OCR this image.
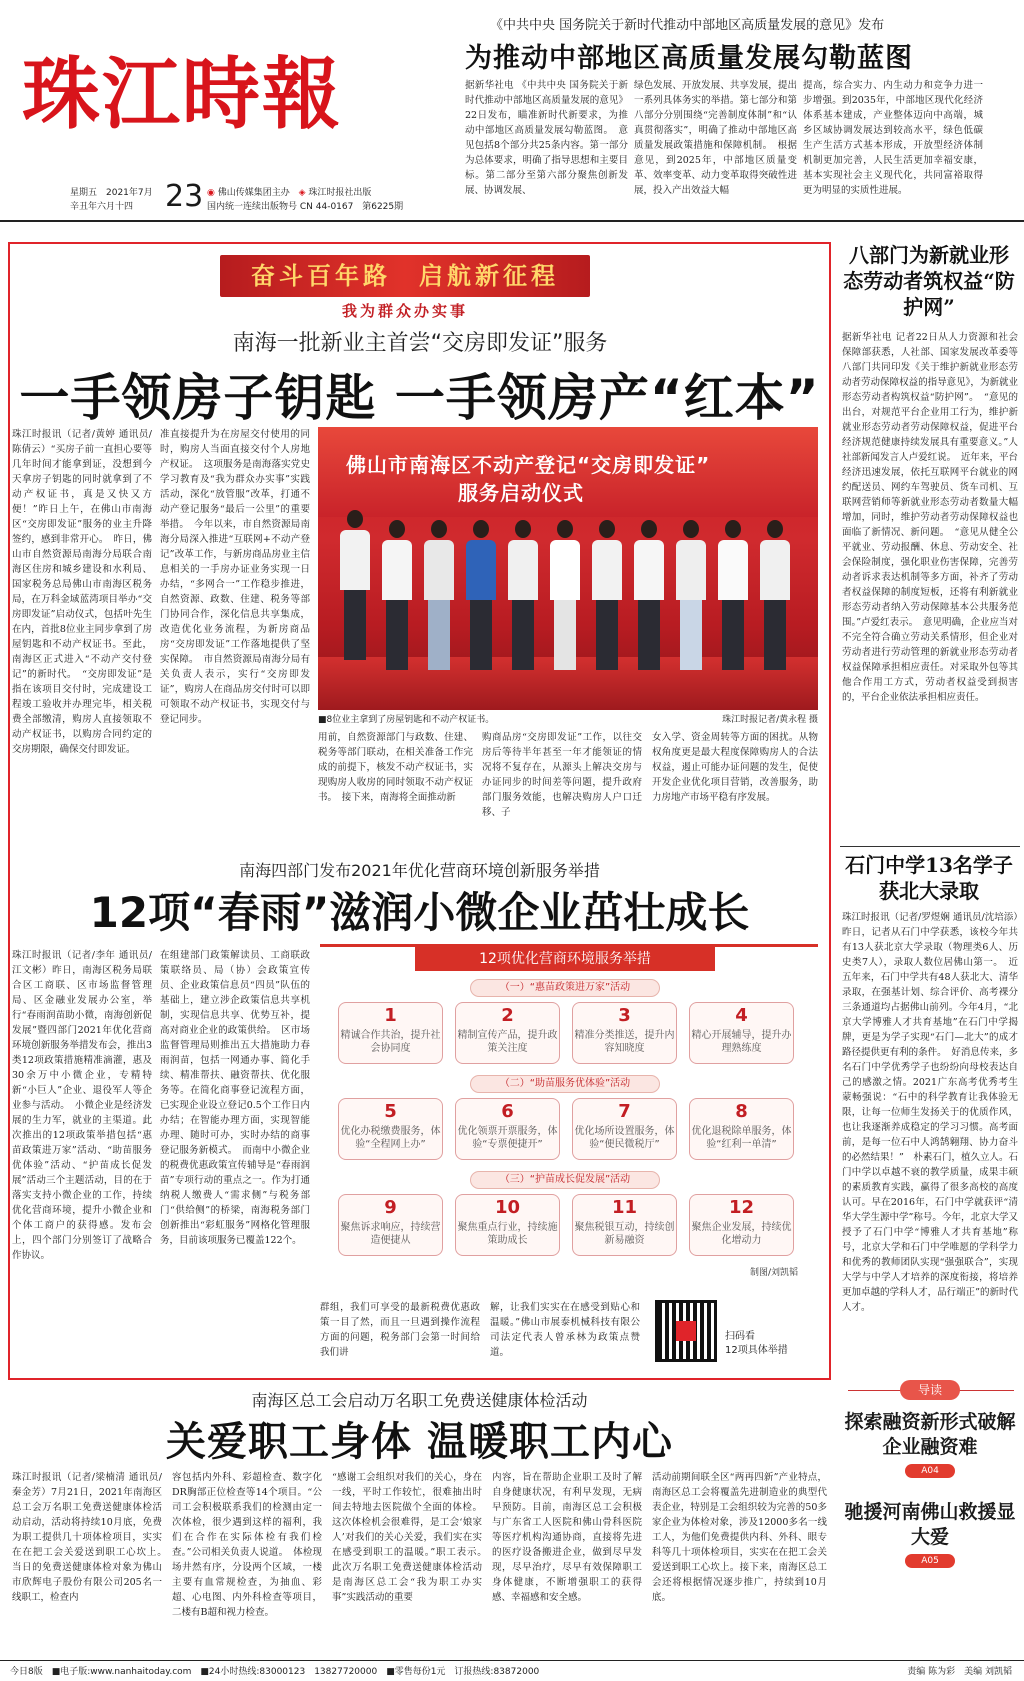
珠江時報
星期五　2021年7月
辛丑年六月十四	23 ◉ 佛山传媒集团主办 ◈ 珠江时报社出版
国内统一连续出版物号 CN 44-0167 第6225期
《中共中央 国务院关于新时代推动中部地区高质量发展的意见》发布
为推动中部地区高质量发展勾勒蓝图
据新华社电 《中共中央 国务院关于新时代推动中部地区高质量发展的意见》22日发布，瞄准新时代新要求，为推动中部地区高质量发展勾勒蓝图。　意见包括8个部分共25条内容。第一部分为总体要求，明确了指导思想和主要目标。第二部分至第六部分聚焦创新发展、协调发展、
绿色发展、开放发展、共享发展，提出一系列具体务实的举措。第七部分和第八部分分别围绕“完善制度体制”和“认真贯彻落实”，明确了推动中部地区高质量发展政策措施和保障机制。　根据意见，到2025年，中部地区质量变革、效率变革、动力变革取得突破性进展，投入产出效益大幅
提高，综合实力、内生动力和竞争力进一步增强。到2035年，中部地区现代化经济体系基本建成，产业整体迈向中高端，城乡区域协调发展达到较高水平，绿色低碳生产生活方式基本形成，开放型经济体制机制更加完善，人民生活更加幸福安康，基本实现社会主义现代化，共同富裕取得更为明显的实质性进展。
奋斗百年路　启航新征程
我为群众办实事
南海一批新业主首尝“交房即发证”服务
一手领房子钥匙 一手领房产“红本”
珠江时报讯（记者/黄婷 通讯员/陈倩云）“买房子前一直担心要等几年时间才能拿到证，没想到今天拿房子钥匙的同时就拿到了不动产权证书，真是又快又方便！”昨日上午，在佛山市南海区“交房即发证”服务的业主升降签约，感到非常开心。　昨日，佛山市自然资源局南海分局联合南海区住房和城乡建设和水利局、国家税务总局佛山市南海区税务局，在万科金域蓝湾项目举办“交房即发证”启动仪式，包括叶先生在内，首批8位业主同步拿到了房屋钥匙和不动产权证书。至此，南海区正式进入“不动产交付登记”的新时代。　“交房即发证”是指在该项目交付时，完成建设工程竣工验收并办理完毕，相关税费全部缴清，购房人直接领取不动产权证书，以购房合同约定的交房期限，确保交付即发证。
准直接提升为在房屋交付使用的同时，购房人当面直接交付个人房地产权证。　这项服务是南海落实党史学习教育及“我为群众办实事”实践活动，深化“放管服”改革，打通不动产登记服务“最后一公里”的重要举措。　今年以来，市自然资源局南海分局深入推进“互联网+不动产登记”改革工作，与新房商品房业主信息相关的一手房办证业务实现一日办结，“多网合一”工作稳步推进，自然资源、政数、住建、税务等部门协同合作，深化信息共享集成，改造优化业务流程，为新房商品房“交房即发证”工作落地提供了坚实保障。　市自然资源局南海分局有关负责人表示，实行“交房即发证”，购房人在商品房交付时可以即可领取不动产权证书，实现交付与登记同步。
佛山市南海区不动产登记“交房即发证”
服务启动仪式
■8位业主拿到了房屋钥匙和不动产权证书。	珠江时报记者/黄永程 摄
用前，自然资源部门与政数、住建、税务等部门联动，在相关准备工作完成的前提下，核发不动产权证书，实现购房人收房的同时领取不动产权证书。　接下来，南海将全面推动新
购商品房“交房即发证”工作，以往交房后等待半年甚至一年才能领证的情况将不复存在，从源头上解决交房与办证同步的时间差等问题，提升政府部门服务效能，也解决购房人户口迁移、子
女入学、资金周转等方面的困扰。从物权角度更是最大程度保障购房人的合法权益，遏止可能办证问题的发生，促使开发企业优化项目营销，改善服务，助力房地产市场平稳有序发展。
南海四部门发布2021年优化营商环境创新服务举措
12项“春雨”滋润小微企业茁壮成长
珠江时报讯（记者/李年 通讯员/江文彬）昨日，南海区税务局联合区工商联、区市场监督管理局、区金融业发展办公室，举行“春雨润苗助小微，南海创新促发展”暨四部门2021年优化营商环境创新服务举措发布会，推出3类12项政策措施精准滴灌，惠及30余万中小微企业，专精特新“小巨人”企业、退役军人等企业参与活动。　小微企业是经济发展的生力军，就业的主渠道。此次推出的12项政策举措包括“惠苗政策进万家”活动、“助苗服务优体验”活动、“护苗成长促发展”活动三个主题活动，目的在于落实支持小微企业的工作，持续优化营商环境，提升小微企业和个体工商户的获得感。发布会上，四个部门分别签订了战略合作协议。
在组建部门政策解读员、工商联政策联络员、局（协）会政策宣传员、企业政策信息员“四员”队伍的基础上，建立涉企政策信息共享机制，实现信息共享、优势互补，提高对商业企业的政策供给。　区市场监督管理局则推出五大措施助力春雨润苗，包括一网通办事、简化手续、精准帮扶、融资帮扶、优化服务等。在简化商事登记流程方面，已实现企业设立登记0.5个工作日内办结；在智能办理方面，实现智能办理、随时可办，实时办结的商事登记服务新模式。　而南中小微企业的税费优惠政策宣传辅导是“春雨润苗”专项行动的重点之一。作为打通纳税人缴费人“需求侧”与税务部门“供给侧”的桥梁，南海税务部门创新推出“彩虹服务”网格化管理服务，目前该项服务已覆盖122个。
12项优化营商环境服务举措
（一）“惠苗政策进万家”活动
1
精诚合作共治，提升社会协同度
2
精制宣传产品，提升政策关注度
3
精准分类推送，提升内容知晓度
4
精心开展辅导，提升办理熟练度
（二）“助苗服务优体验”活动
5
优化办税缴费服务，体验“全程网上办”
6
优化领票开票服务，体验“专票便捷开”
7
优化场所设置服务，体验“便民微税厅”
8
优化退税除单服务，体验“红利一单清”
（三）“护苗成长促发展”活动
9
聚焦诉求响应，持续营造便捷从
10
聚焦重点行业，持续施策助成长
11
聚焦税银互动，持续创新易融资
12
聚焦企业发展，持续优化增动力
制图/刘凯韬
群组，我们可享受的最新税费优惠政策一目了然，而且一旦遇到操作流程方面的问题，税务部门会第一时间给我们讲
解，让我们实实在在感受到贴心和温暖。”佛山市展泰机械科技有限公司法定代表人曾承林为政策点赞道。
扫码看
12项具体举措
八部门为新就业形态劳动者筑权益“防护网”
据新华社电 记者22日从人力资源和社会保障部获悉，人社部、国家发展改革委等八部门共同印发《关于维护新就业形态劳动者劳动保障权益的指导意见》，为新就业形态劳动者构筑权益“防护网”。　“意见的出台，对规范平台企业用工行为，维护新就业形态劳动者劳动保障权益，促进平台经济规范健康持续发展具有重要意义。”人社部新闻发言人卢爱红说。　近年来，平台经济迅速发展，依托互联网平台就业的网约配送员、网约车驾驶员、货车司机、互联网营销师等新就业形态劳动者数量大幅增加，同时，维护劳动者劳动保障权益也面临了新情况、新问题。　“意见从健全公平就业、劳动报酬、休息、劳动安全、社会保险制度，强化职业伤害保障，完善劳动者诉求表达机制等多方面，补齐了劳动者权益保障的制度短板，还将有利新就业形态劳动者纳入劳动保障基本公共服务范围。”卢爱红表示。　意见明确，企业应当对不完全符合确立劳动关系情形，但企业对劳动者进行劳动管理的新就业形态劳动者权益保障承担相应责任。对采取外包等其他合作用工方式，劳动者权益受到损害的，平台企业依法承担相应责任。
石门中学13名学子获北大录取
珠江时报讯（记者/罗煜娴 通讯员/沈培添）昨日，记者从石门中学获悉，该校今年共有13人获北京大学录取（物理类6人、历史类7人），录取人数位居佛山第一。　近五年来，石门中学共有48人获北大、清华录取，在强基计划、综合评价、高考裸分三条通道均占据佛山前列。今年4月，“北京大学博雅人才共育基地”在石门中学揭牌，更是为学子实现“石门—北大”的成才路径提供更有利的条件。　好消息传来，多名石门中学优秀学子也纷纷向母校表达自己的感激之情。2021广东高考优秀考生蒙畅强说：“石中的科学教育让我体验无限，让每一位师生发扬关于的优质作风，也让我逐渐养成稳定的学习习惯。高考面前，是每一位石中人鸿鹄翱翔、协力奋斗的必然结果！”　朴素石门，植久立人。石门中学以卓越不衰的教学质量，成果丰硕的素质教育实践，赢得了很多高校的高度认可。早在2016年，石门中学就获评“清华大学生源中学”称号。今年，北京大学又授予了石门中学“博雅人才共育基地”称号，北京大学和石门中学唯愿的学科学力和优秀的教师团队实现“强强联合”，实现大学与中学人才培养的深度衔接，将培养更加卓越的学科人才，品行端正”的新时代人才。
导读
探索融资新形式破解企业融资难
A04
驰援河南佛山救援显大爱
A05
南海区总工会启动万名职工免费送健康体检活动
关爱职工身体 温暖职工内心
珠江时报讯（记者/梁楠清 通讯员/秦金芳）7月21日，2021年南海区总工会万名职工免费送健康体检活动启动，活动将持续10月底，免费为职工提供几十项体检项目，实实在在把工会关爱送到职工心坎上。　当日的免费送健康体检对象为佛山市欣辉电子股份有限公司205名一线职工，检查内
容包括内外科、彩超检查、数字化DR胸部正位检查等14个项目。“公司工会积极联系我们的检测由定一次体检，很少遇到这样的福利，我们在合作在实际体检有我们检查。”公司相关负责人说道。　体检现场井然有序，分设两个区域，一楼主要有血常规检查，为抽血、彩超、心电图、内外科检查等项目，二楼有B超和视力检查。
“感谢工会组织对我们的关心，身在一线，平时工作较忙，很难抽出时间去特地去医院做个全面的体检。这次体检机会很难得，是工会‘娘家人’对我们的关心关爱，我们实在实在感受到职工的温暖。”职工表示。　此次万名职工免费送健康体检活动是南海区总工会“我为职工办实事”实践活动的重要
内容，旨在帮助企业职工及时了解自身健康状况，有利早发现，无病早预防。目前，南海区总工会积极与广东省工人医院和佛山骨科医院等医疗机构沟通协商，直接将先进的医疗设备搬进企业，做到尽早发现，尽早治疗，尽早有效保障职工身体健康，不断增强职工的获得感、幸福感和安全感。
活动前期间联全区“两再四新”产业特点，南海区总工会将覆盖先进制造业的典型代表企业，特别是工会组织较为完善的50多家企业为体检对象，涉及12000多名一线工人，为他们免费提供内科、外科、眼专科等几十项体检项目，实实在在把工会关爱送到职工心坎上。接下来，南海区总工会还将根据情况逐步推广，持续到10月底。
今日8版　■电子版:www.nanhaitoday.com　■24小时热线:83000123　13827720000　■零售每份1元　订报热线:83872000	责编 陈为彩　美编 刘凯韬
